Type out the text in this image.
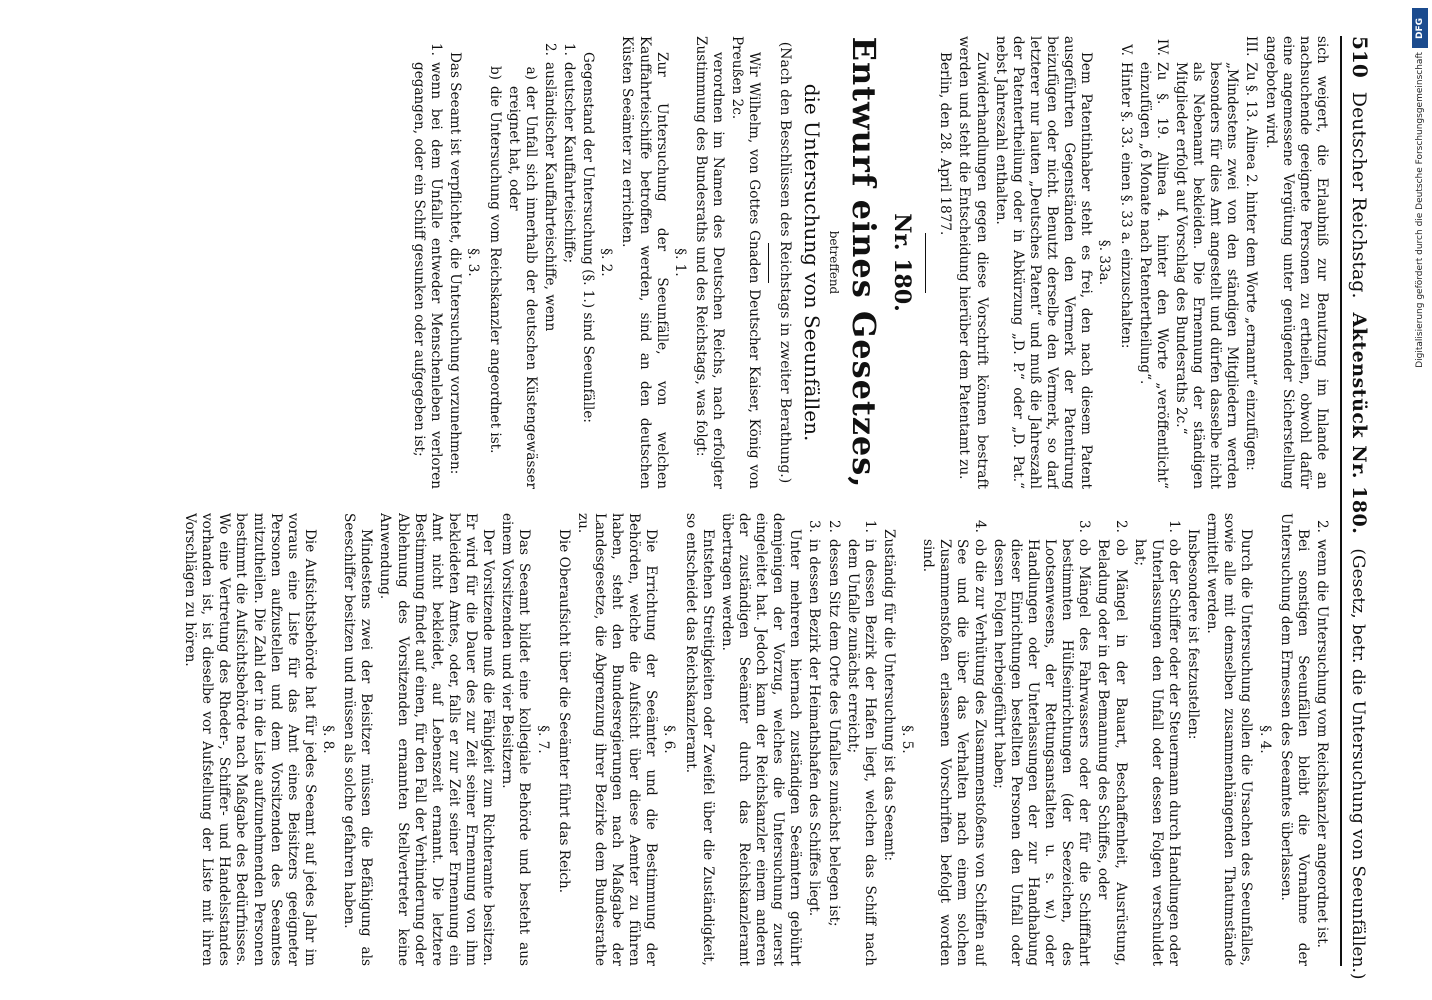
510
Deutscher Reichstag.
Aktenstück Nr. 180.
(Gesetz, betr. die Untersuchung von Seeunfällen.)

sich weigert, die Erlaubniß zur Benutzung im Inlande an nachsuchende geeignete Personen zu ertheilen, obwohl dafür eine angemessene Vergütung unter genügender Sicherstellung angeboten wird.

III.
Zu §. 13. Alinea 2. hinter dem Worte „ernannt“ einzufügen:
„Mindestens zwei von den ständigen Mitgliedern werden besonders für dies Amt angestellt und dürfen dasselbe nicht als Nebenamt bekleiden. Die Ernennung der ständigen Mitglieder erfolgt auf Vorschlag des Bundesraths 2c.“
IV.
Zu §. 19. Alinea 4. hinter den Worte „veröffentlicht“ einzufügen „6 Monate nach Patentertheilung“.
V.
Hinter §. 33. einen §. 33 a. einzuschalten:
§. 33a.

Dem Patentinhaber steht es frei, den nach diesem Patent ausgeführten Gegenständen den Vermerk der Patentirung beizufügen oder nicht. Benutzt derselbe den Vermerk, so darf letzterer nur lauten „Deutsches Patent“ und muß die Jahreszahl der Patentertheilung oder in Abkürzung „D. P.“ oder „D. Pat.“ nebst Jahreszahl enthalten.

Zuwiderhandlungen gegen diese Vorschrift können bestraft werden und steht die Entscheidung hierüber dem Patentamt zu.

Berlin, den 28. April 1877.

Nr. 180.
Entwurf eines Gesetzes,
betreffend
die Untersuchung von Seeunfällen.
(Nach den Beschlüssen des Reichstags in zweiter Berathung.)

Wir Wilhelm, von Gottes Gnaden Deutscher Kaiser, König von Preußen 2c.

verordnen im Namen des Deutschen Reichs, nach erfolgter Zustimmung des Bundesraths und des Reichstags, was folgt:

§. 1.

Zur Untersuchung der Seeunfälle, von welchen Kauffahrteischiffe betroffen werden, sind an den deutschen Küsten Seeämter zu errichten.

§. 2.

Gegenstand der Untersuchung (§. 1.) sind Seeunfälle:

1.
deutscher Kauffahrteischiffe;
2.
ausländischer Kauffahrteischiffe, wenn
a)
der Unfall sich innerhalb der deutschen Küstengewässer ereignet hat, oder
b)
die Untersuchung vom Reichskanzler angeordnet ist.
§. 3.

Das Seeamt ist verpflichtet, die Untersuchung vorzunehmen:

1.
wenn bei dem Unfalle entweder Menschenleben verloren gegangen, oder ein Schiff gesunken oder aufgegeben ist;
2.
wenn die Untersuchung vom Reichskanzler angeordnet ist.

Bei sonstigen Seeunfällen bleibt die Vornahme der Untersuchung dem Ermessen des Seeamtes überlassen.

§. 4.

Durch die Untersuchung sollen die Ursachen des Seeunfalles, sowie alle mit demselben zusammenhängenden Thatumstände ermittelt werden.

Insbesondere ist festzustellen:

1.
ob der Schiffer oder der Steuermann durch Handlungen oder Unterlassungen den Unfall oder dessen Folgen verschuldet hat;
2.
ob Mängel in der Bauart, Beschaffenheit, Ausrüstung, Beladung oder in der Bemannung des Schiffes, oder
3.
ob Mängel des Fahrwassers oder der für die Schifffahrt bestimmten Hülfseinrichtungen (der Seezeichen, des Lootsenwesens, der Rettungsanstalten u. s. w.) oder Handlungen oder Unterlassungen der zur Handhabung dieser Einrichtungen bestellten Personen den Unfall oder dessen Folgen herbeigeführt haben;
4.
ob die zur Verhütung des Zusammenstoßens von Schiffen auf See und die über das Verhalten nach einem solchen Zusammenstoßen erlassenen Vorschriften befolgt worden sind.
§. 5.

Zuständig für die Untersuchung ist das Seeamt:

1.
in dessen Bezirk der Hafen liegt, welchen das Schiff nach dem Unfalle zunächst erreicht;
2.
dessen Sitz dem Orte des Unfalles zunächst belegen ist;
3.
in dessen Bezirk der Heimathshafen des Schiffes liegt.

Unter mehreren hiernach zuständigen Seeämtern gebührt demjenigen der Vorzug, welches die Untersuchung zuerst eingeleitet hat. Jedoch kann der Reichskanzler einem anderen der zuständigen Seeämter durch das Reichskanzleramt übertragen werden.

Entstehen Streitigkeiten oder Zweifel über die Zuständigkeit, so entscheidet das Reichskanzleramt.

§. 6.

Die Errichtung der Seeämter und die Bestimmung der Behörden, welche die Aufsicht über diese Aemter zu führen haben, steht den Bundesregierungen nach Maßgabe der Landesgesetze, die Abgrenzung ihrer Bezirke dem Bundesrathe zu.

Die Oberaufsicht über die Seeämter führt das Reich.

§. 7.

Das Seeamt bildet eine kollegiale Behörde und besteht aus einem Vorsitzenden und vier Beisitzern.

Der Vorsitzende muß die Fähigkeit zum Richteramte besitzen. Er wird für die Dauer des zur Zeit seiner Ernennung von ihm bekleideten Amtes, oder, falls er zur Zeit seiner Ernennung ein Amt nicht bekleidet, auf Lebenszeit ernannt. Die letztere Bestimmung findet auf einen, für den Fall der Verhinderung oder Ablehnung des Vorsitzenden ernannten Stellvertreter keine Anwendung.

Mindestens zwei der Beisitzer müssen die Befähigung als Seeschiffer besitzen und müssen als solche gefahren haben.

§. 8.

Die Aufsichtsbehörde hat für jedes Seeamt auf jedes Jahr im voraus eine Liste für das Amt eines Beisitzers geeigneter Personen aufzustellen und dem Vorsitzenden des Seeamtes mitzutheilen. Die Zahl der in die Liste aufzunehmenden Personen bestimmt die Aufsichtsbehörde nach Maßgabe des Bedürfnisses. Wo eine Vertretung des Rheder-, Schiffer- und Handelsstandes vorhanden ist, ist dieselbe vor Aufstellung der Liste mit ihren Vorschlägen zu hören.

DFG
Digitalisierung gefördert durch die Deutsche Forschungsgemeinschaft
